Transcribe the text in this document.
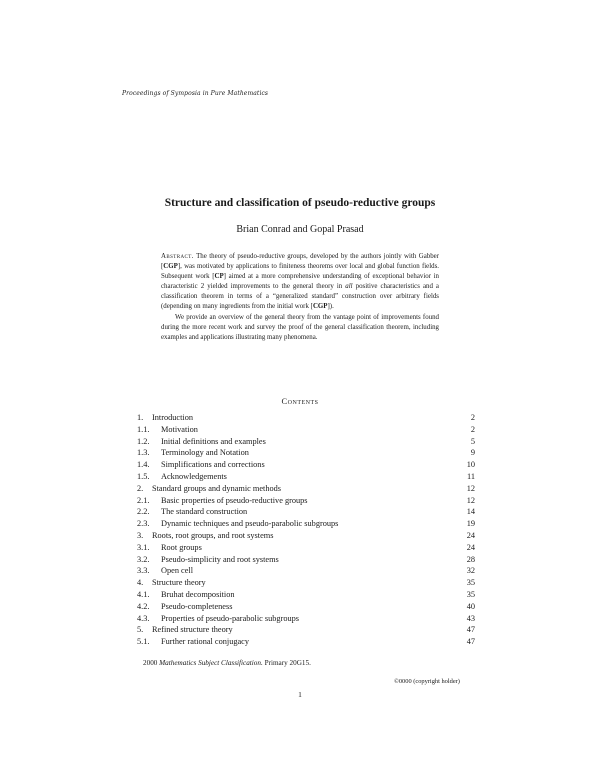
Proceedings of Symposia in Pure Mathematics
Structure and classification of pseudo-reductive groups
Brian Conrad and Gopal Prasad

Abstract. The theory of pseudo-reductive groups, developed by the authors jointly with Gabber [CGP], was motivated by applications to finiteness theorems over local and global function fields. Subsequent work [CP] aimed at a more comprehensive understanding of exceptional behavior in characteristic 2 yielded improvements to the general theory in all positive characteristics and a classification theorem in terms of a “generalized standard” construction over arbitrary fields (depending on many ingredients from the initial work [CGP]).

We provide an overview of the general theory from the vantage point of improvements found during the more recent work and survey the proof of the general classification theorem, including examples and applications illustrating many phenomena.

Contents
1. Introduction	2
1.1. Motivation	2
1.2. Initial definitions and examples	5
1.3. Terminology and Notation	9
1.4. Simplifications and corrections	10
1.5. Acknowledgements	11
2. Standard groups and dynamic methods	12
2.1. Basic properties of pseudo-reductive groups	12
2.2. The standard construction	14
2.3. Dynamic techniques and pseudo-parabolic subgroups	19
3. Roots, root groups, and root systems	24
3.1. Root groups	24
3.2. Pseudo-simplicity and root systems	28
3.3. Open cell	32
4. Structure theory	35
4.1. Bruhat decomposition	35
4.2. Pseudo-completeness	40
4.3. Properties of pseudo-parabolic subgroups	43
5. Refined structure theory	47
5.1. Further rational conjugacy	47
2000 Mathematics Subject Classification. Primary 20G15.
©0000 (copyright holder)
1
